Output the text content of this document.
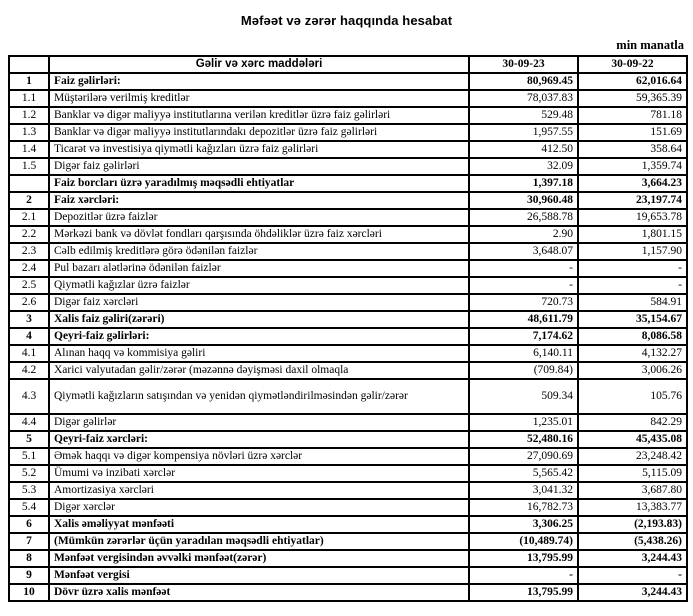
Məfəət və zərər haqqında hesabat
min manatla
	Gəlir və xərc maddələri	30-09-23	30-09-22
1	Faiz gəlirləri:	80,969.45	62,016.64
1.1	Müştərilərə verilmiş kreditlər	78,037.83	59,365.39
1.2	Banklar və digər maliyyə institutlarına verilən kreditlər üzrə faiz gəlirləri	529.48	781.18
1.3	Banklar və digər maliyyə institutlarındakı depozitlər üzrə faiz gəlirləri	1,957.55	151.69
1.4	Ticarət və investisiya qiymətli kağızları üzrə faiz gəlirləri	412.50	358.64
1.5	Digər faiz gəlirləri	32.09	1,359.74
	Faiz borcları üzrə yaradılmış məqsədli ehtiyatlar	1,397.18	3,664.23
2	Faiz xərcləri:	30,960.48	23,197.74
2.1	Depozitlər üzrə faizlər	26,588.78	19,653.78
2.2	Mərkəzi bank və dövlət fondları qarşısında öhdəliklər üzrə faiz xərcləri	2.90	1,801.15
2.3	Cəlb edilmiş kreditlərə görə ödənilən faizlər	3,648.07	1,157.90
2.4	Pul bazarı alətlərinə ödənilən faizlər	-	-
2.5	Qiymətli kağızlar üzrə faizlər	-	-
2.6	Digər faiz xərcləri	720.73	584.91
3	Xalis faiz gəliri(zərəri)	48,611.79	35,154.67
4	Qeyri-faiz gəlirləri:	7,174.62	8,086.58
4.1	Alınan haqq və kommisiya gəliri	6,140.11	4,132.27
4.2	Xarici valyutadan gəlir/zərər (məzənnə dəyişməsi daxil olmaqla	(709.84)	3,006.26
4.3	Qiymətli kağızların satışından və yenidən qiymətləndirilməsindən gəlir/zərər	509.34	105.76
4.4	Digər gəlirlər	1,235.01	842.29
5	Qeyri-faiz xərcləri:	52,480.16	45,435.08
5.1	Əmək haqqı və digər kompensiya növləri üzrə xərclər	27,090.69	23,248.42
5.2	Ümumi və inzibati xərclər	5,565.42	5,115.09
5.3	Amortizasiya xərcləri	3,041.32	3,687.80
5.4	Digər xərclər	16,782.73	13,383.77
6	Xalis əməliyyat mənfəəti	3,306.25	(2,193.83)
7	(Mümkün zərərlər üçün yaradılan məqsədli ehtiyatlar)	(10,489.74)	(5,438.26)
8	Mənfəət vergisindən əvvəlki mənfəət(zərər)	13,795.99	3,244.43
9	Mənfəət vergisi	-	-
10	Dövr üzrə xalis mənfəət	13,795.99	3,244.43
